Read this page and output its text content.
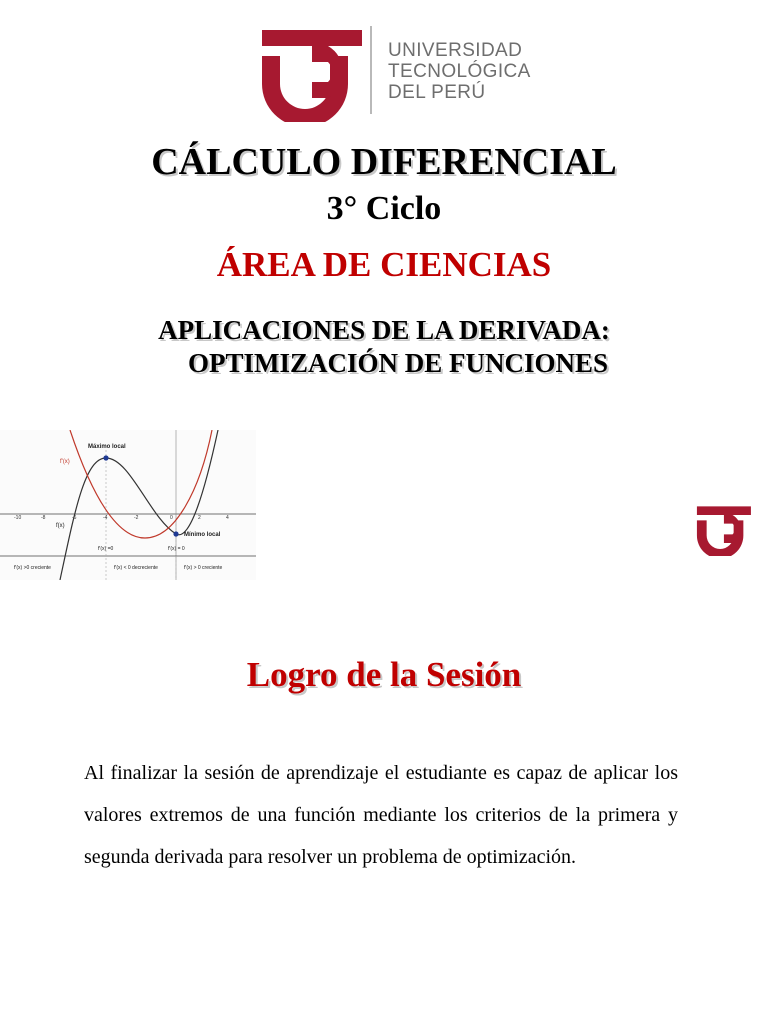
UNIVERSIDAD
TECNOLÓGICA
DEL PERÚ
CÁLCULO DIFERENCIAL
3° Ciclo
ÁREA DE CIENCIAS
APLICACIONES DE LA DERIVADA:
OPTIMIZACIÓN DE FUNCIONES
-10	-8	-6	-4	-2	0	2	4
Máximo local
Mínimo local
f'(x)
f(x)
f'(x) =0	f'(x) = 0
f'(x) >0 creciente	f'(x) < 0 decreciente	f'(x) > 0 creciente
Logro de la Sesión
Al finalizar la sesión de aprendizaje el estudiante es capaz de aplicar los valores extremos de una función mediante los criterios de la primera y segunda derivada para resolver un problema de optimización.
